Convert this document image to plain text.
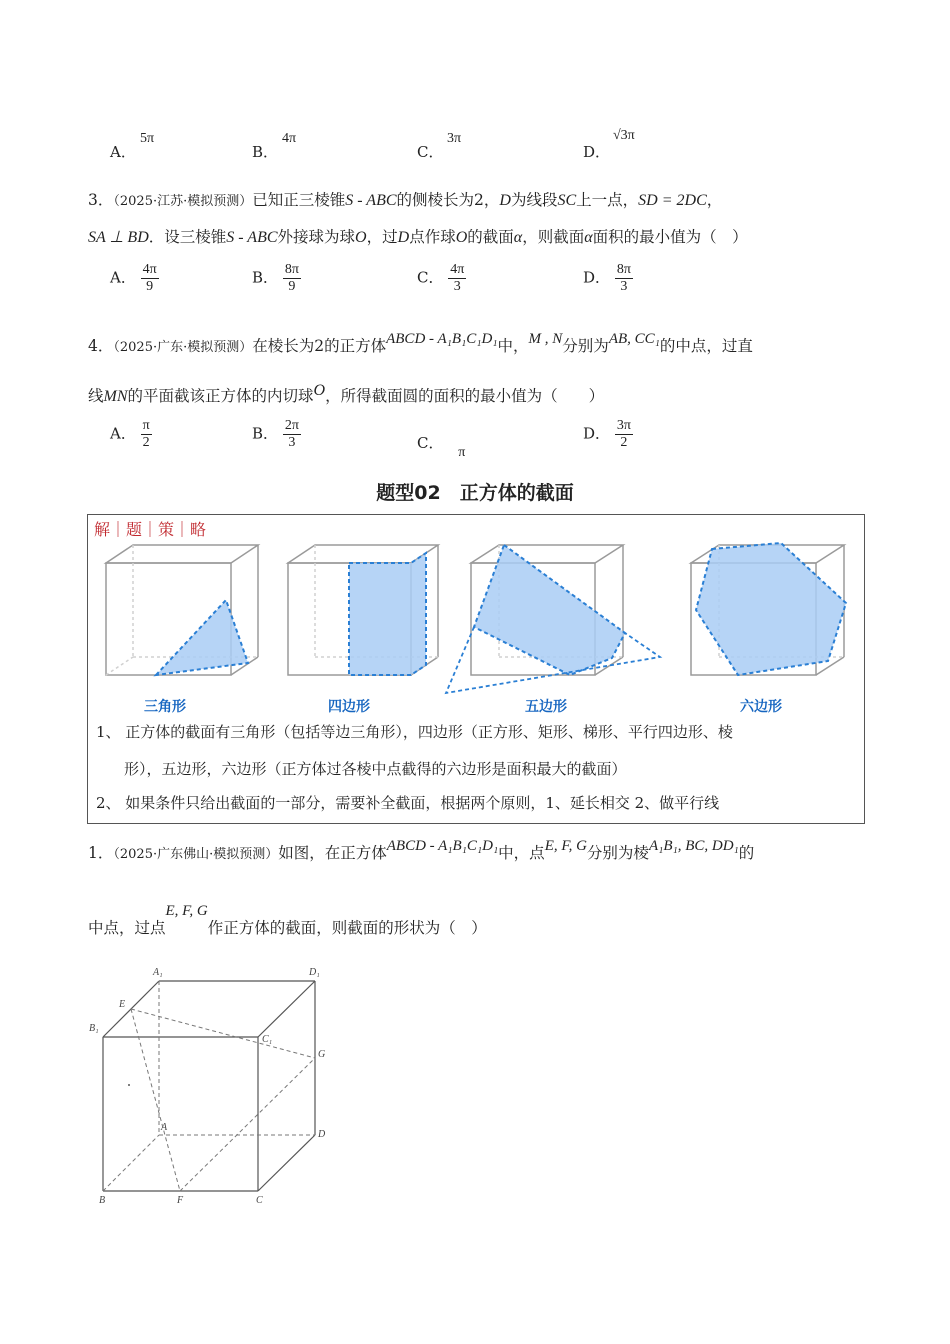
A．
5π
B．
4π
C．
3π
D．
√3π
3．（2025·江苏·模拟预测）已知正三棱锥S - ABC的侧棱长为2，D为线段SC上一点，SD = 2DC，
SA ⊥ BD．设三棱锥S - ABC外接球为球O，过D点作球O的截面α，则截面α面积的最小值为（　）
A． $\frac{4\pi}{9}$	B． $\frac{8\pi}{9}$	C． $\frac{4\pi}{3}$	D． $\frac{8\pi}{3}$
4．（2025·广东·模拟预测）在棱长为2的正方体ABCD - A₁B₁C₁D₁中，M , N分别为AB, CC₁的中点，过直
线MN的平面截该正方体的内切球O，所得截面圆的面积的最小值为（　　）
A． $\frac{\pi}{2}$	B． $\frac{2\pi}{3}$	C． π
D． $\frac{3\pi}{2}$
题型02　正方体的截面
解｜题｜策｜略
三角形	四边形	五边形	六边形
1、 正方体的截面有三角形（包括等边三角形），四边形（正方形、矩形、梯形、平行四边形、棱
形），五边形，六边形（正方体过各棱中点截得的六边形是面积最大的截面）
2、 如果条件只给出截面的一部分，需要补全截面，根据两个原则，1、延长相交 2、做平行线
1．（2025·广东佛山·模拟预测）如图，在正方体ABCD - A₁B₁C₁D₁中，点E, F, G分别为棱A₁B₁, BC, DD₁的
中点，过点E, F, G作正方体的截面，则截面的形状为（　）
A₁	D₁
E
B₁
C₁
G
A
D
B	F	C
